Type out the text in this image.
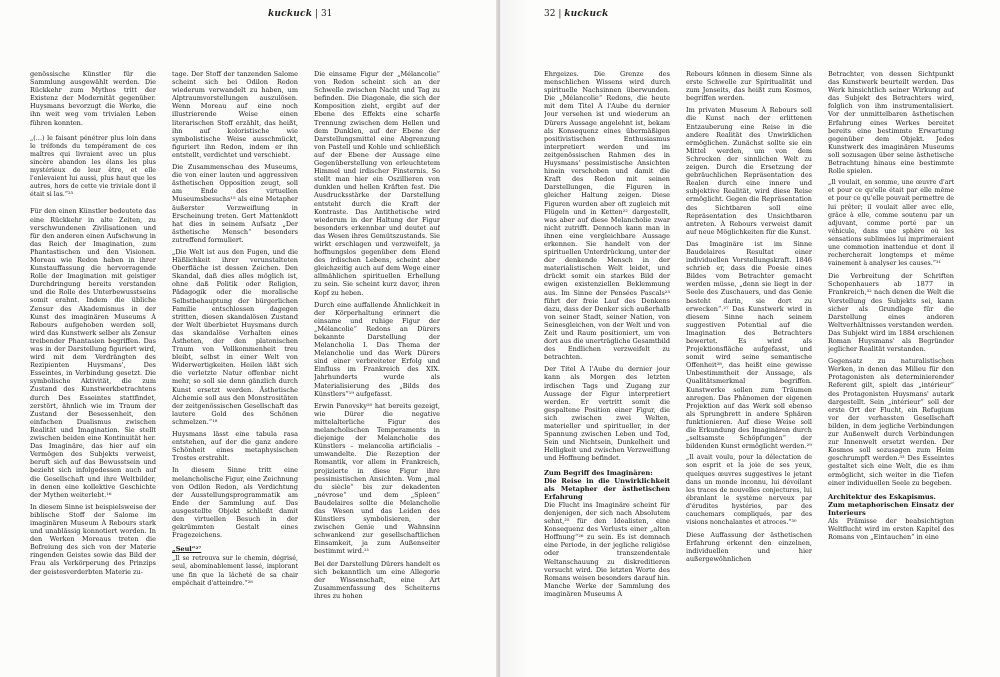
kuckuck | 31

genössische Künstler für die Sammlung ausgewählt werden. Die Rückkehr zum Mythos tritt der Existenz der Modernität gegenüber. Huysmans bevorzugt die Werke, die ihn weit weg vom trivialen Leben führen konnten.

„(…) le faisant pénétrer plus loin dans le tréfonds du tempérament de ces maîtres qui livraient avec un plus sincère abandon les élans les plus mystérieux de leur être, et elle l'enlevaient lui aussi, plus haut que les autres, hors de cette vie triviale dont il était si las.“²³

Für den einen Künstler bedeutete das eine Rückkehr in alte Zeiten, zu verschwundenen Zivilisationen und für den anderen einen Aufschwung in das Reich der Imagination, zum Phantastischen und den Visionen. Moreau wie Redon haben in ihrer Kunstauffassung die hervorragende Rolle der Imagination mit geistiger Durchdringung bereits verstanden und die Rolle des Unterbewusstseins somit erahnt. Indem die übliche Zensur des Akademismus in der Kunst des imaginären Museums À Rebours aufgehoben werden soll, wird das Kunstwerk selber als Zensur treibender Phantasien begriffen. Das was in der Darstellung figuriert wird, wird mit dem Verdrängten des Rezipienten Huysmans', Des Esseintes, in Verbindung gesetzt. Die symbolische Aktivität, die zum Zustand des Kunstwerkbetrachtens durch Des Esseintes stattfindet, zerstört, ähnlich wie im Traum der Zustand der Besessenheit, den einfachen Dualismus zwischen Realität und Imagination. Sie stellt zwischen beiden eine Kontinuität her. Das Imaginäre, das hier auf ein Vermögen des Subjekts verweist, beruft sich auf das Bewusstsein und bezieht sich infolgedessen auch auf die Gesellschaft und ihre Weltbilder, in denen eine kollektive Geschichte der Mythen weiterlebt.¹⁶

In diesem Sinne ist beispielsweise der biblische Stoff der Salome im imaginären Museum À Rebours stark und unablässig konnotiert worden. In den Werken Moreaus treten die Befreiung des sich von der Materie ringenden Geistes sowie das Bild der Frau als Verkörperung des Prinzips der geistesverderbten Materie zu-

tage. Der Stoff der tanzenden Salome scheint sich bei Odilon Redon wiederum verwandelt zu haben, um Alptraumvorstellungen auszulösen. Wenn Moreau auf eine noch illustrierende Weise einen literarischen Stoff erzählt, das heißt, ihn auf koloristische wie symbolistische Weise ausschmückt, figuriert ihn Redon, indem er ihn entstellt, verdichtet und verschiebt.

Die Zusammenschau des Museums, die von einer lauten und aggressiven ästhetischen Opposition zeugt, soll am Ende des virtuellen Museumsbesuchs¹⁵ als eine Metapher äußerster Verzweiflung in Erscheinung treten. Gert Mattenklott hat dies in seinem Aufsatz „Der ästhetische Mensch“ besonders zutreffend formuliert.

„Die Welt ist aus den Fugen, und die Häßlichkeit ihrer verunstalteten Oberfläche ist dessen Zeichen. Den Skandal, daß dies alles möglich ist, ohne daß Politik oder Religion, Pädagogik oder die moralische Selbstbehauptung der bürgerlichen Familie entschlossen dagegen stritten, diesen skandalösen Zustand der Welt überbietet Huysmans durch das skandalöse Verhalten eines Ästheten, der den platonischen Traum von Vollkommenheit treu bleibt, selbst in einer Welt von Widerwertigkeiten. Heilen läßt sich die verletzte Natur offenbar nicht mehr, so soll sie denn gänzlich durch Kunst ersetzt werden. Ästhetische Alchemie soll aus den Monstrositäten der zeitgenössischen Gesellschaft das lautere Gold des Schönen schmelzen.“¹⁸

Huysmans lässt eine tabula rasa entstehen, auf der die ganz andere Schönheit eines metaphysischen Trostes erstrahlt.

In diesem Sinne tritt eine melancholische Figur, eine Zeichnung von Odilon Redon, als Verdichtung der Ausstellungsprogrammatik am Ende der Sammlung auf. Das ausgestellte Objekt schließt damit den virtuellen Besuch in der gekrümmten Gestalt eines Fragezeichens.

„Seul“²⁷

„Il se retrouva sur le chemin, dégrisé, seul, abominablement lassé, implorant une fin que la lâcheté de sa chair empêchait d'atteindre.“²⁸

Die einsame Figur der „Mélancolie“ von Redon scheint sich an der Schwelle zwischen Nacht und Tag zu befinden. Die Diagonale, die sich der Komposition zieht, ergibt auf der Ebene des Effekts eine scharfe Trennung zwischen dem Hellen und dem Dunklen, auf der Ebene der Darstellungsmittel eine Abgrenzung von Pastell und Kohle und schließlich auf der Ebene der Aussage eine Gegenüberstellung von erleuchtetem Himmel und irdischer Finsternis. So stellt man hier ein Oszillieren von dunklen und hellen Kräften fest. Die Ausdrucksstärke der Darstellung entsteht durch die Kraft der Kontraste. Das Antithetische wird wiederum in der Haltung der Figur besonders erkennbar und deutet auf das Wesen ihres Gemütszustands. Sie wirkt erschlagen und verzweifelt, ja hoffnungslos gegenüber dem Elend des irdischen Lebens, scheint aber gleichzeitig auch auf dem Wege einer allmählichen spirituellen Erhellung zu sein. Sie scheint kurz davor, ihren Kopf zu heben.

Durch eine auffallende Ähnlichkeit in der Körperhaltung erinnert die einsame und ruhige Figur der „Mélancolie“ Redons an Dürers bekannte Darstellung der Melancholia I. Das Thema der Melancholie und das Werk Dürers sind einer verbreiteter Erfolg und Einfluss im Frankreich des XIX. Jahrhunderts wurde als Materialisierung des „Bilds des Künstlers“¹⁹ aufgefasst.

Erwin Panovsky²⁰ hat bereits gezeigt, wie Dürer die negative mittelalterliche Figur des melancholischen Temperaments in diejenige der Melancholie des Künstlers – melancolia artificialis – umwandelte. Die Rezeption der Romantik, vor allem in Frankreich, projizierte in diese Figur ihre pessimistischen Ansichten. Vom „mal du siècle“ bis zur dekadenten „névrose“ und dem „Spleen“ Baudelaires sollte die Melancholie das Wesen und das Leiden des Künstlers symbolisieren, der zwischen Genie und Wahnsinn schwankend zur gesellschaftlichen Einsamkeit, ja zum Außenseiter bestimmt wird.²¹

Bei der Darstellung Dürers handelt es sich bekanntlich um eine Allegorie der Wissenschaft, eine Art Zusammenfassung des Scheiterns ihres zu hohen

32 | kuckuck

Ehrgeizes. Die Grenze des menschlichen Wissens wird durch spirituelle Nachsinnen überwunden. Die „Mélancolie“ Redons, die heute mit dem Titel À l'Aube du dernier Jour versehen ist und wiederum an Dürers Aussage angelehnt ist, bekam als Konsequenz eines übermäßigen positivistischen Enthusiasmus interpretiert werden und im zeitgenössischen Rahmen des in Huysmans' pessimistische Ansichten hinein verschoben und damit die Kraft des Redon mit seinen Darstellungen, die Figuren in gleicher Haltung zeigen. Diese Figuren wurden aber oft zugleich mit Flügeln und in Ketten²² dargestellt, was aber auf diese Melancholie zwar nicht zutrifft. Dennoch kann man in ihnen eine vergleichbare Aussage erkennen. Sie handelt von der spirituellen Unterdrückung, unter der der denkende Mensch in der materialistischen Welt leidet, und drückt somit ein starkes Bild der ewigen existenziellen Beklemmung aus. Im Sinne der Pensées Pascals²³ führt der freie Lauf des Denkens dazu, dass der Denker sich außerhalb von seiner Stadt, seiner Nation, von Seinesgleichen, von der Welt und von Zeit und Raum positioniert, um von dort aus die unerträgliche Gesamtbild des Endlichen verzweifelt zu betrachten.

Der Titel À l'Aube du dernier jour kann als Morgen des letzten irdischen Tags und Zugang zur Aussage der Figur interpretiert werden. Er vertritt somit die gespaltene Position einer Figur, die sich zwischen zwei Welten, materieller und spiritueller, in der Spannung zwischen Leben und Tod, Sein und Nichtsein, Dunkelheit und Helligkeit und zwischen Verzweiflung und Hoffnung befindet.

Zum Begriff des Imaginären:
Die Reise in die Unwirklichkeit als Metapher der ästhetischen Erfahrung

Die Flucht ins Imaginäre scheint für denjenigen, der sich nach Absolutem sehnt,²⁵ für den Idealisten, eine Konsequenz des Verlusts einer „alten Hoffnung“²⁶ zu sein. Es ist demnach eine Periode, in der jegliche religiöse oder transzendentale Weltanschauung zu diskreditieren versucht wird. Die letzten Worte des Romans weisen besonders darauf hin. Manche Werke der Sammlung des imaginären Museums À

Rebours können in diesem Sinne als erste Schwelle zur Spiritualität und zum Jenseits, das heißt zum Kosmos, begriffen werden.

Im privaten Museum À Rebours soll die Kunst nach der erlittenen Entzauberung eine Reise in die andere Realität des Unwirklichen ermöglichen. Zunächst sollte sie ein Mittel werden, um von dem Schrecken der sinnlichen Welt zu zeigen. Durch die Ersetzung der gebräuchlichen Repräsentation des Realen durch eine innere und subjektive Realität, wird diese Reise ermöglicht. Gegen die Repräsentation des Sichtbaren soll eine Repräsentation des Unsichtbaren antreten. À Rebours verweist damit auf neue Möglichkeiten für die Kunst.

Das Imaginäre ist im Sinne Baudelaires Resultat einer individuellen Vorstellungskraft. 1846 schrieb er, dass die Poesie eines Bildes vom Betrachter gemacht werden müsse, „denn sie liegt in der Seele des Zuschauers, und das Genie besteht darin, sie dort zu erwecken“.²⁷ Das Kunstwerk wird in diesem Sinne nach seinem suggestiven Potential auf die Imagination des Betrachters bewertet. Es wird als Projektionsfläche aufgefasst, und somit wird seine semantische Offenheit²⁸, das heißt eine gewisse Unbestimmtheit der Aussage, als Qualitätsmerkmal begriffen. Kunstwerke sollen zum Träumen anregen. Das Phänomen der eigenen Projektion auf das Werk soll ebenso als Sprungbrett in andere Sphären funktionieren. Auf diese Weise soll die Erkundung des Imaginären durch „seltsamste Schöpfungen“ der bildenden Kunst ermöglicht werden.²⁹

„Il avait voulu, pour la délectation de son esprit et la joie de ses yeux, quelques œuvres suggestives le jetant dans un monde inconnu, lui dévoilant les traces de nouvelles conjectures, lui ébranlant le système nerveux par d'érudites hystéries, par des cauchemars compliqués, par des visions nonchalantes et atroces.“³⁰

Diese Auffassung der ästhetischen Erfahrung erkennt den einzelnen, individuellen und hier außergewöhnlichen

Betrachter, von dessen Sichtpunkt das Kunstwerk beurteilt werden. Das Werk hinsichtlich seiner Wirkung auf das Subjekt des Betrachters wird, folglich von ihm instrumentalisiert. Vor der unmittelbaren ästhetischen Erfahrung eines Werkes bereitet bereits eine bestimmte Erwartung gegenüber dem Objekt. Jedes Kunstwerk des imaginären Museums soll sozusagen über seine ästhetische Betrachtung hinaus eine bestimmte Rolle spielen.

„Il voulait, en somme, une œuvre d'art et pour ce qu'elle était par elle même et pour ce qu'elle pouvait permettre de lui prêter; il voulait aller avec elle, grâce à elle, comme soutenu par un adjuvant, comme porté par un véhicule, dans une sphère où les sensations sublimées lui imprimeraient une commotion inattendue et dont il rechercherait longtemps et même vainement à analyser les causes.“³¹

Die Verbreitung der Schriften Schopenhauers ab 1877 in Frankreich,³² nach denen die Welt die Vorstellung des Subjekts sei, kann sicher als Grundlage für die Darstellung eines anderen Weltverhältnisses verstanden werden. Das Subjekt wird im 1884 erschienen Roman Huysmans' als Begründer jeglicher Realität verstanden.

Gegensatz zu naturalistischen Werken, in denen das Milieu für den Protagonisten als determinierender Referent gilt, spielt das „intérieur“ des Protagonisten Huysmans' autark dargestellt. Sein „intérieur“ soll der erste Ort der Flucht, ein Refugium vor der verhassten Gesellschaft bilden, in dem jegliche Verbindungen zur Außenwelt durch Verbindungen zur Innenwelt ersetzt werden. Der Kosmos soll sozusagen zum Heim geschrumpft werden.³³ Des Esseintes gestaltet sich eine Welt, die es ihm ermöglicht, sich weiter in die Tiefen einer individuellen Seele zu begeben.

Architektur des Eskapismus.
Zum metaphorischen Einsatz der Interieurs

Als Prämisse der beabsichtigten Weltflucht wird im ersten Kapitel des Romans von „Eintauchen“ in eine
